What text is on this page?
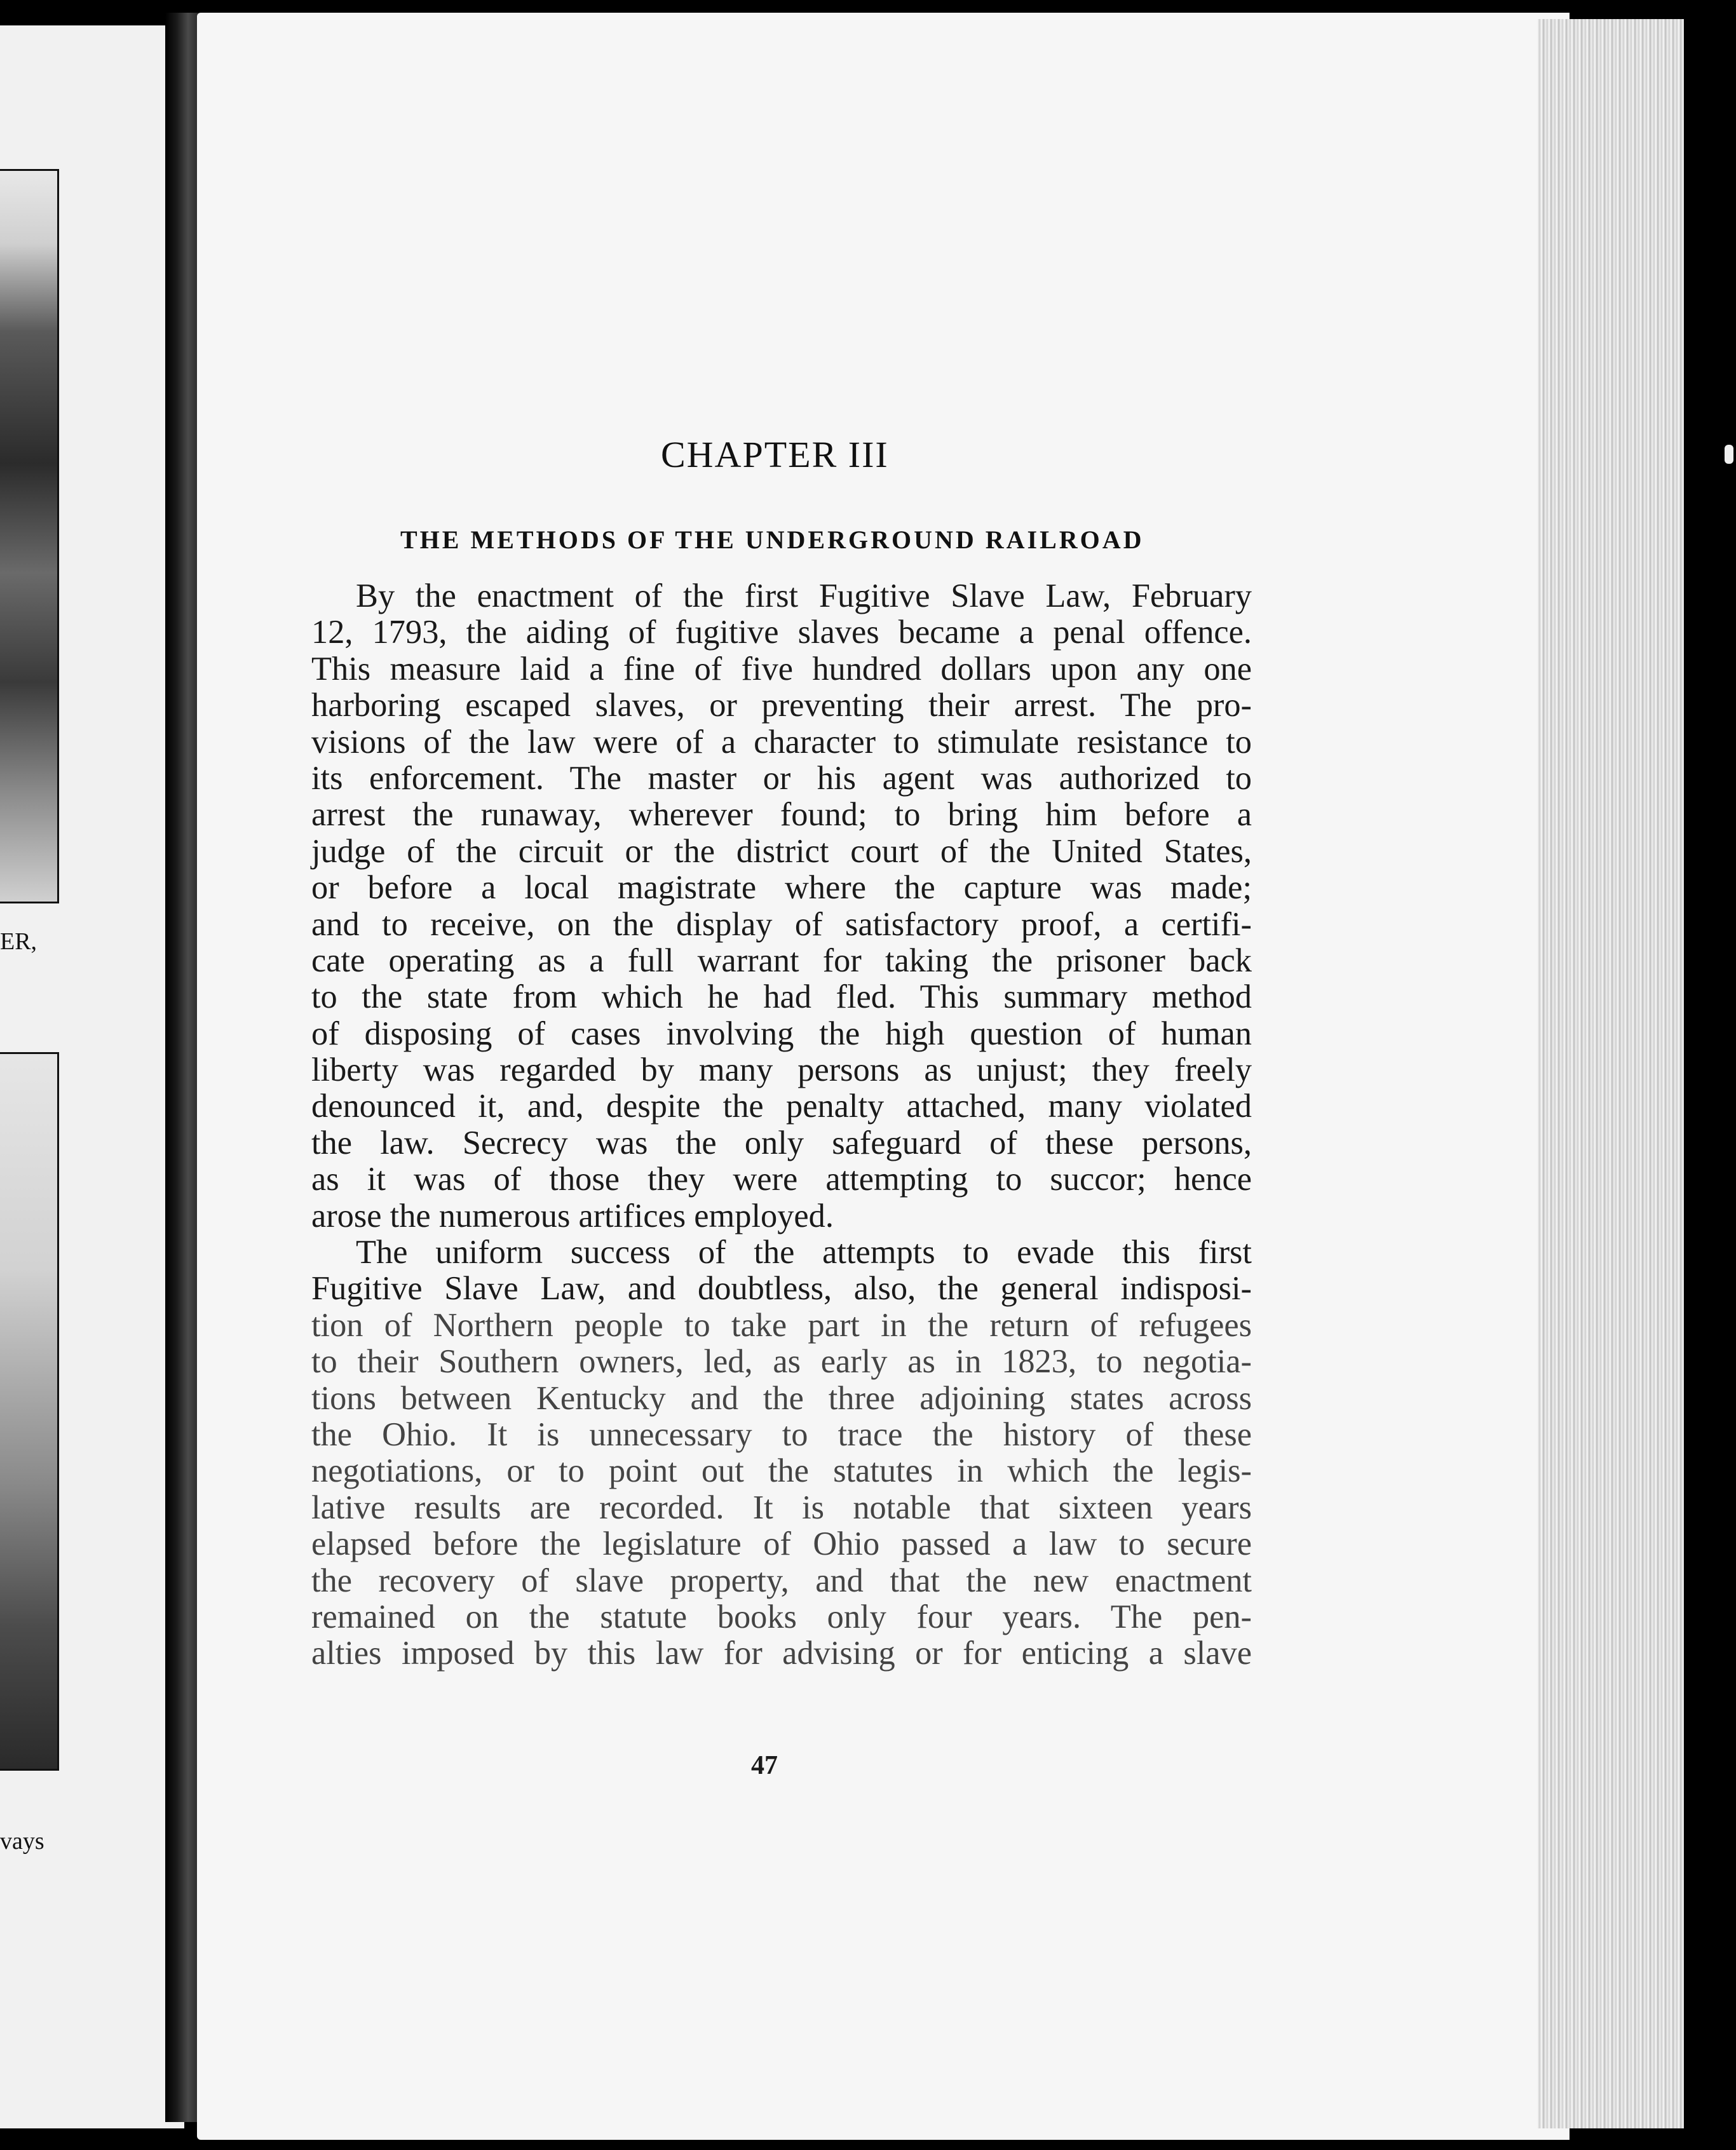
ER,
vays
CHAPTER III
THE METHODS OF THE UNDERGROUND RAILROAD
By the enactment of the first Fugitive Slave Law, February
12, 1793, the aiding of fugitive slaves became a penal offence.
This measure laid a fine of five hundred dollars upon any one
harboring escaped slaves, or preventing their arrest. The pro-
visions of the law were of a character to stimulate resistance to
its enforcement. The master or his agent was authorized to
arrest the runaway, wherever found; to bring him before a
judge of the circuit or the district court of the United States,
or before a local magistrate where the capture was made;
and to receive, on the display of satisfactory proof, a certifi-
cate operating as a full warrant for taking the prisoner back
to the state from which he had fled. This summary method
of disposing of cases involving the high question of human
liberty was regarded by many persons as unjust; they freely
denounced it, and, despite the penalty attached, many violated
the law. Secrecy was the only safeguard of these persons,
as it was of those they were attempting to succor; hence
arose the numerous artifices employed.
The uniform success of the attempts to evade this first
Fugitive Slave Law, and doubtless, also, the general indisposi-
tion of Northern people to take part in the return of refugees
to their Southern owners, led, as early as in 1823, to negotia-
tions between Kentucky and the three adjoining states across
the Ohio. It is unnecessary to trace the history of these
negotiations, or to point out the statutes in which the legis-
lative results are recorded. It is notable that sixteen years
elapsed before the legislature of Ohio passed a law to secure
the recovery of slave property, and that the new enactment
remained on the statute books only four years. The pen-
alties imposed by this law for advising or for enticing a slave
47
